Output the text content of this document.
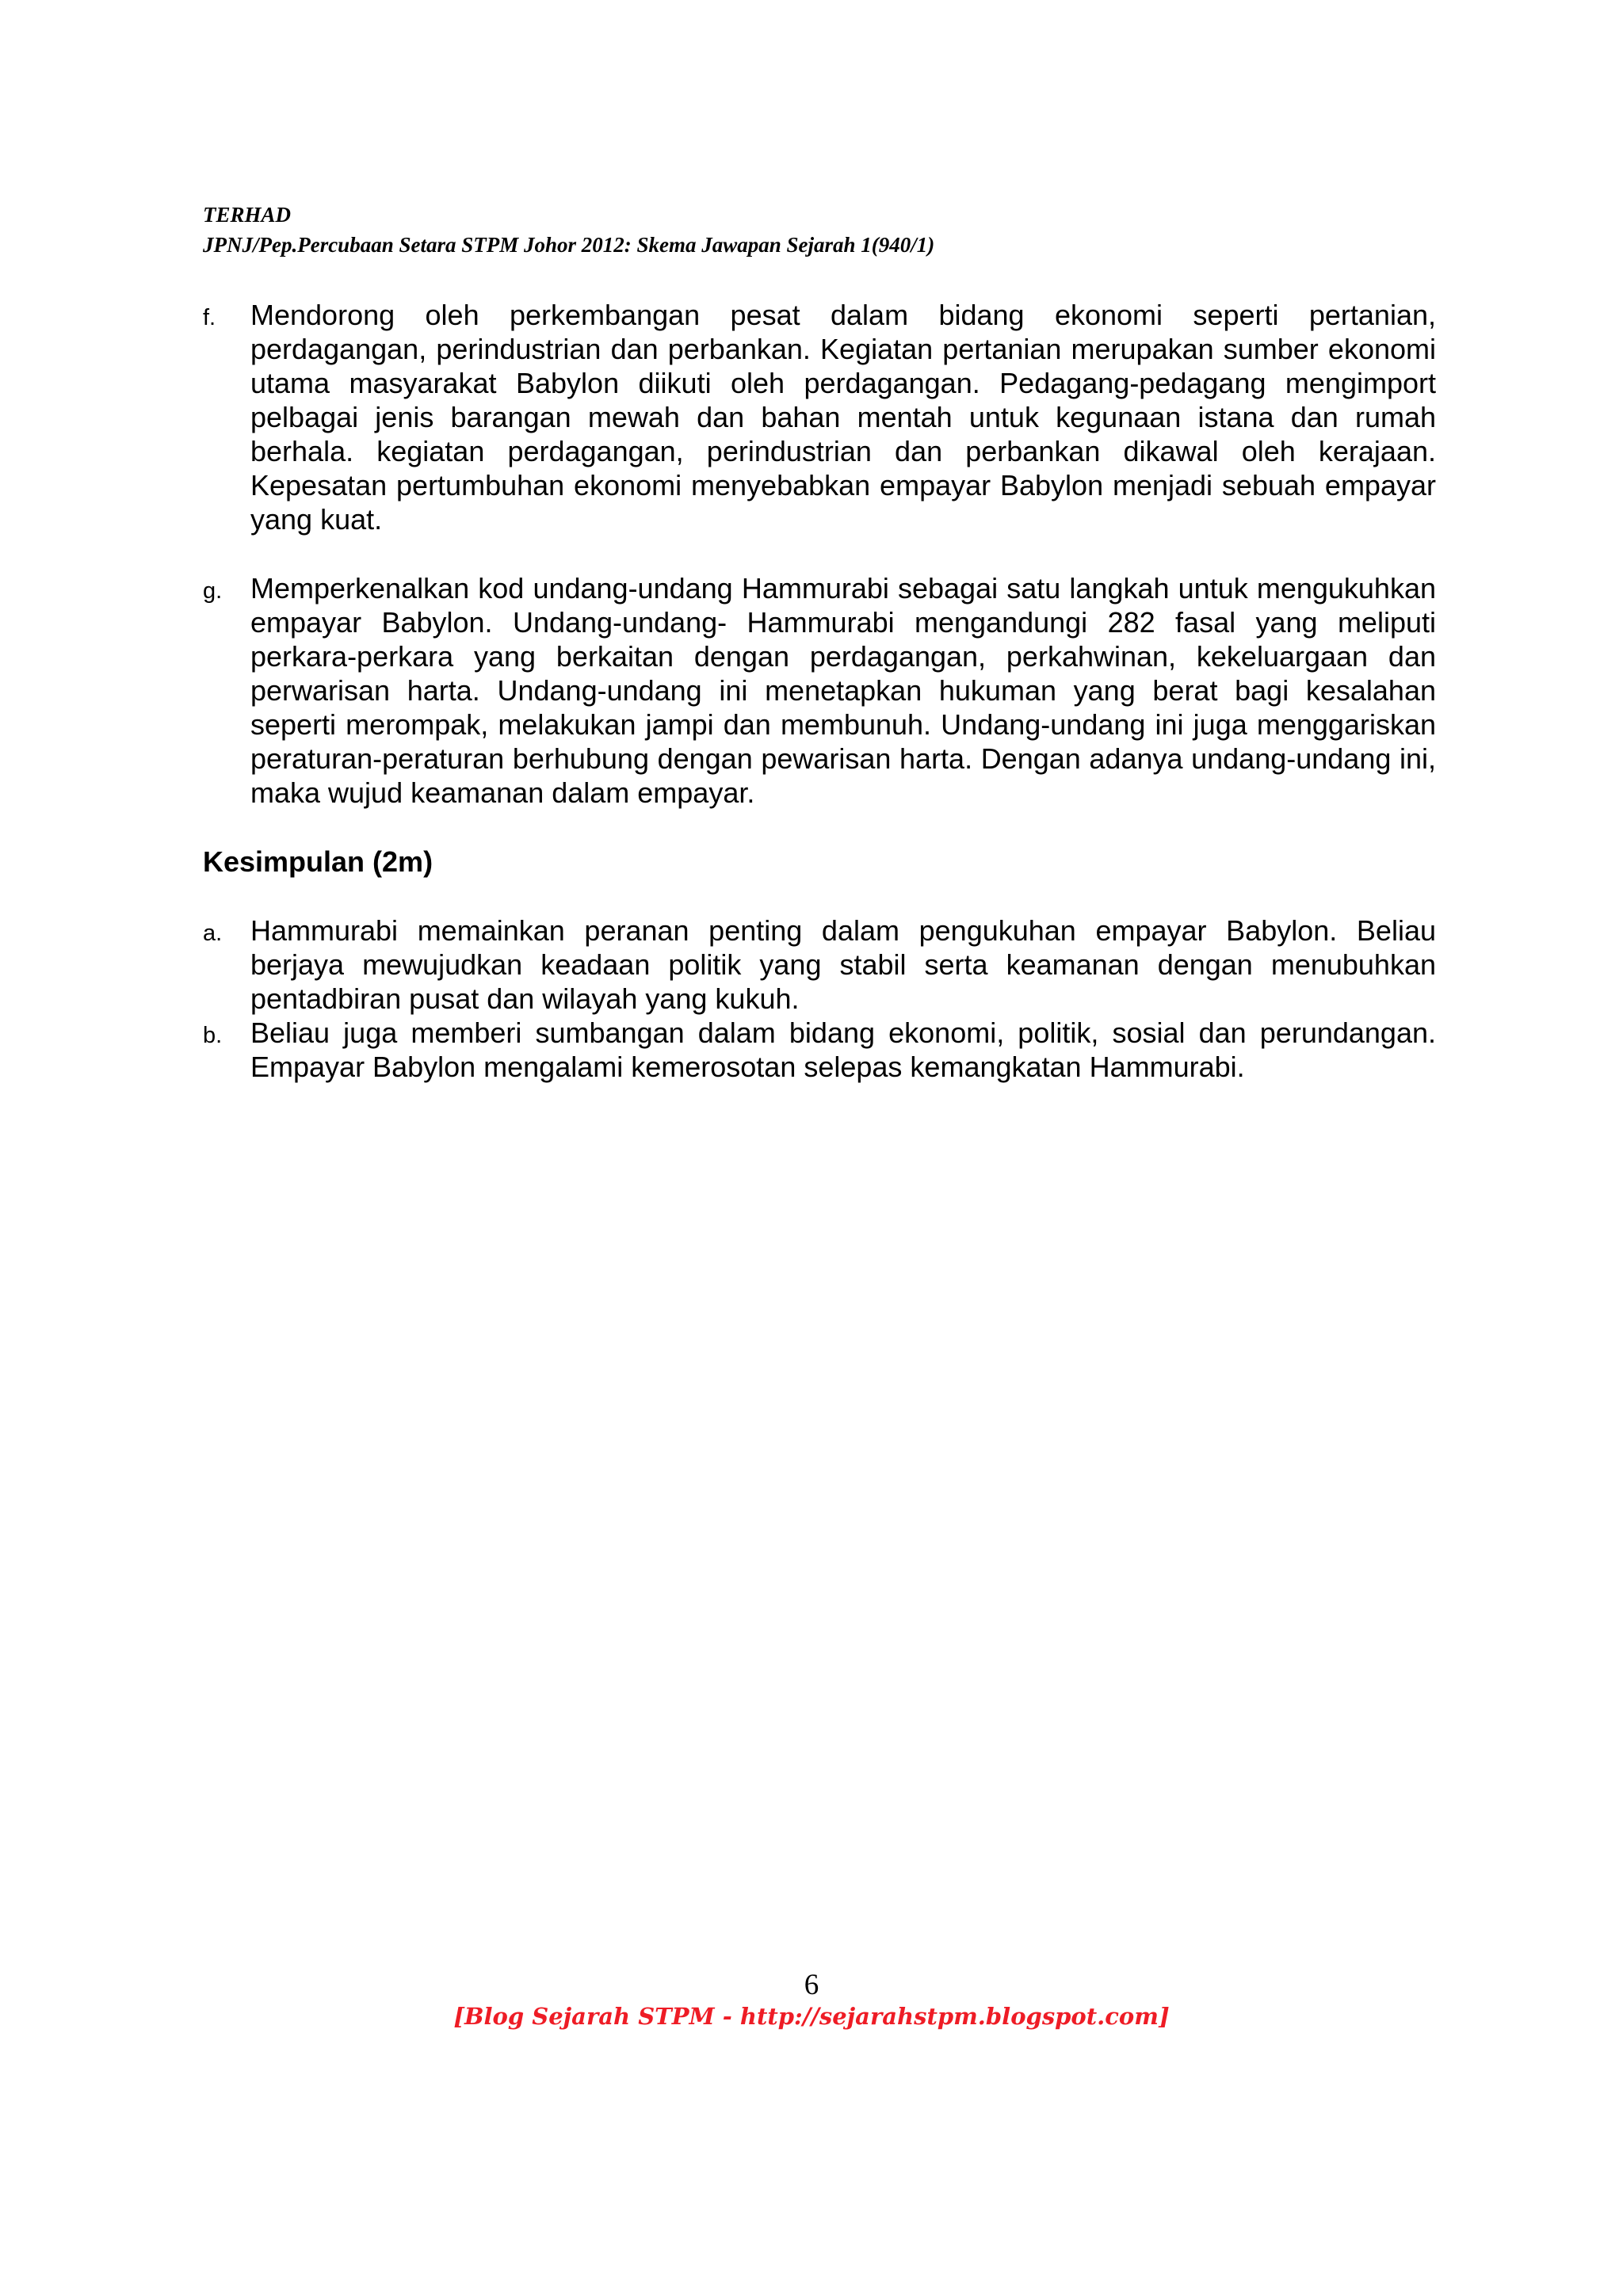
TERHAD
JPNJ/Pep.Percubaan Setara STPM Johor 2012: Skema Jawapan Sejarah 1(940/1)
f. Mendorong oleh perkembangan pesat dalam bidang ekonomi seperti pertanian, perdagangan, perindustrian dan perbankan. Kegiatan pertanian merupakan sumber ekonomi utama masyarakat Babylon diikuti oleh perdagangan. Pedagang-pedagang mengimport pelbagai jenis barangan mewah dan bahan mentah untuk kegunaan istana dan rumah berhala. kegiatan perdagangan, perindustrian dan perbankan dikawal oleh kerajaan. Kepesatan pertumbuhan ekonomi menyebabkan empayar Babylon menjadi sebuah empayar yang kuat.
g. Memperkenalkan kod undang-undang Hammurabi sebagai satu langkah untuk mengukuhkan empayar Babylon. Undang-undang- Hammurabi mengandungi 282 fasal yang meliputi perkara-perkara yang berkaitan dengan perdagangan, perkahwinan, kekeluargaan dan perwarisan harta. Undang-undang ini menetapkan hukuman yang berat bagi kesalahan seperti merompak, melakukan jampi dan membunuh. Undang-undang ini juga menggariskan peraturan-peraturan berhubung dengan pewarisan harta. Dengan adanya undang-undang ini, maka wujud keamanan dalam empayar.
Kesimpulan (2m)
a. Hammurabi memainkan peranan penting dalam pengukuhan empayar Babylon. Beliau berjaya mewujudkan keadaan politik yang stabil serta keamanan dengan menubuhkan pentadbiran pusat dan wilayah yang kukuh.
b. Beliau juga memberi sumbangan dalam bidang ekonomi, politik, sosial dan perundangan. Empayar Babylon mengalami kemerosotan selepas kemangkatan Hammurabi.
6
[Blog Sejarah STPM - http://sejarahstpm.blogspot.com]
